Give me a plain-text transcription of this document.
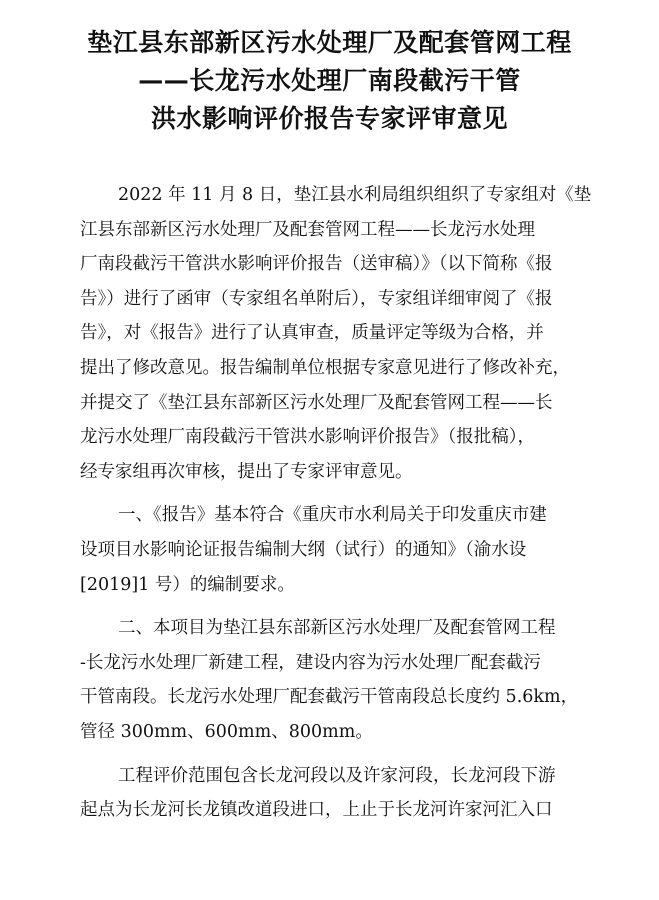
垫江县东部新区污水处理厂及配套管网工程
——长龙污水处理厂南段截污干管
洪水影响评价报告专家评审意见
2022 年 11 月 8 日，垫江县水利局组织组织了专家组对《垫
江县东部新区污水处理厂及配套管网工程——长龙污水处理
厂南段截污干管洪水影响评价报告（送审稿）》（以下简称《报
告》）进行了函审（专家组名单附后），专家组详细审阅了《报
告》，对《报告》进行了认真审查，质量评定等级为合格，并
提出了修改意见。报告编制单位根据专家意见进行了修改补充，
并提交了《垫江县东部新区污水处理厂及配套管网工程——长
龙污水处理厂南段截污干管洪水影响评价报告》（报批稿），
经专家组再次审核，提出了专家评审意见。
一、《报告》基本符合《重庆市水利局关于印发重庆市建
设项目水影响论证报告编制大纲（试行）的通知》（渝水设
[2019]1 号）的编制要求。
二、本项目为垫江县东部新区污水处理厂及配套管网工程
-长龙污水处理厂新建工程，建设内容为污水处理厂配套截污
干管南段。长龙污水处理厂配套截污干管南段总长度约 5.6km，
管径 300mm、600mm、800mm。
工程评价范围包含长龙河段以及许家河段，长龙河段下游
起点为长龙河长龙镇改道段进口，上止于长龙河许家河汇入口
